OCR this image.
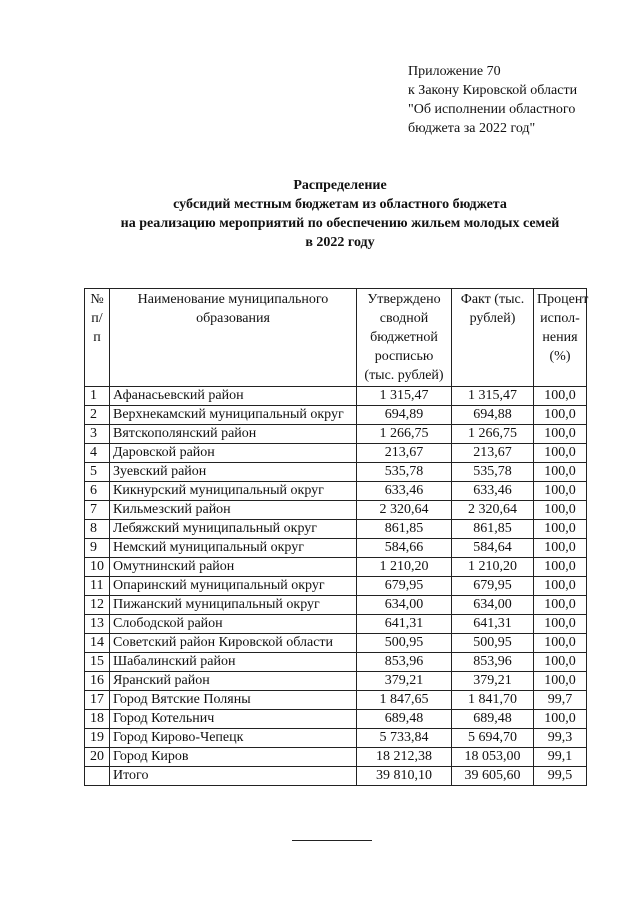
Приложение 70
к Закону Кировской области
"Об исполнении областного
бюджета за 2022 год"
Распределение
субсидий местным бюджетам из областного бюджета
на реализацию мероприятий по обеспечению жильем молодых семей
в 2022 году
№ п/п	Наименование муниципального образования	Утверждено сводной бюджетной росписью (тыс. рублей)	Факт (тыс. рублей)	Процент испол-нения (%)
1	Афанасьевский район	1 315,47	1 315,47	100,0
2	Верхнекамский муниципальный округ	694,89	694,88	100,0
3	Вятскополянский район	1 266,75	1 266,75	100,0
4	Даровской район	213,67	213,67	100,0
5	Зуевский район	535,78	535,78	100,0
6	Кикнурский муниципальный округ	633,46	633,46	100,0
7	Кильмезский район	2 320,64	2 320,64	100,0
8	Лебяжский муниципальный округ	861,85	861,85	100,0
9	Немский муниципальный округ	584,66	584,64	100,0
10	Омутнинский район	1 210,20	1 210,20	100,0
11	Опаринский муниципальный округ	679,95	679,95	100,0
12	Пижанский муниципальный округ	634,00	634,00	100,0
13	Слободской район	641,31	641,31	100,0
14	Советский район Кировской области	500,95	500,95	100,0
15	Шабалинский район	853,96	853,96	100,0
16	Яранский район	379,21	379,21	100,0
17	Город Вятские Поляны	1 847,65	1 841,70	99,7
18	Город Котельнич	689,48	689,48	100,0
19	Город Кирово-Чепецк	5 733,84	5 694,70	99,3
20	Город Киров	18 212,38	18 053,00	99,1
	Итого	39 810,10	39 605,60	99,5
